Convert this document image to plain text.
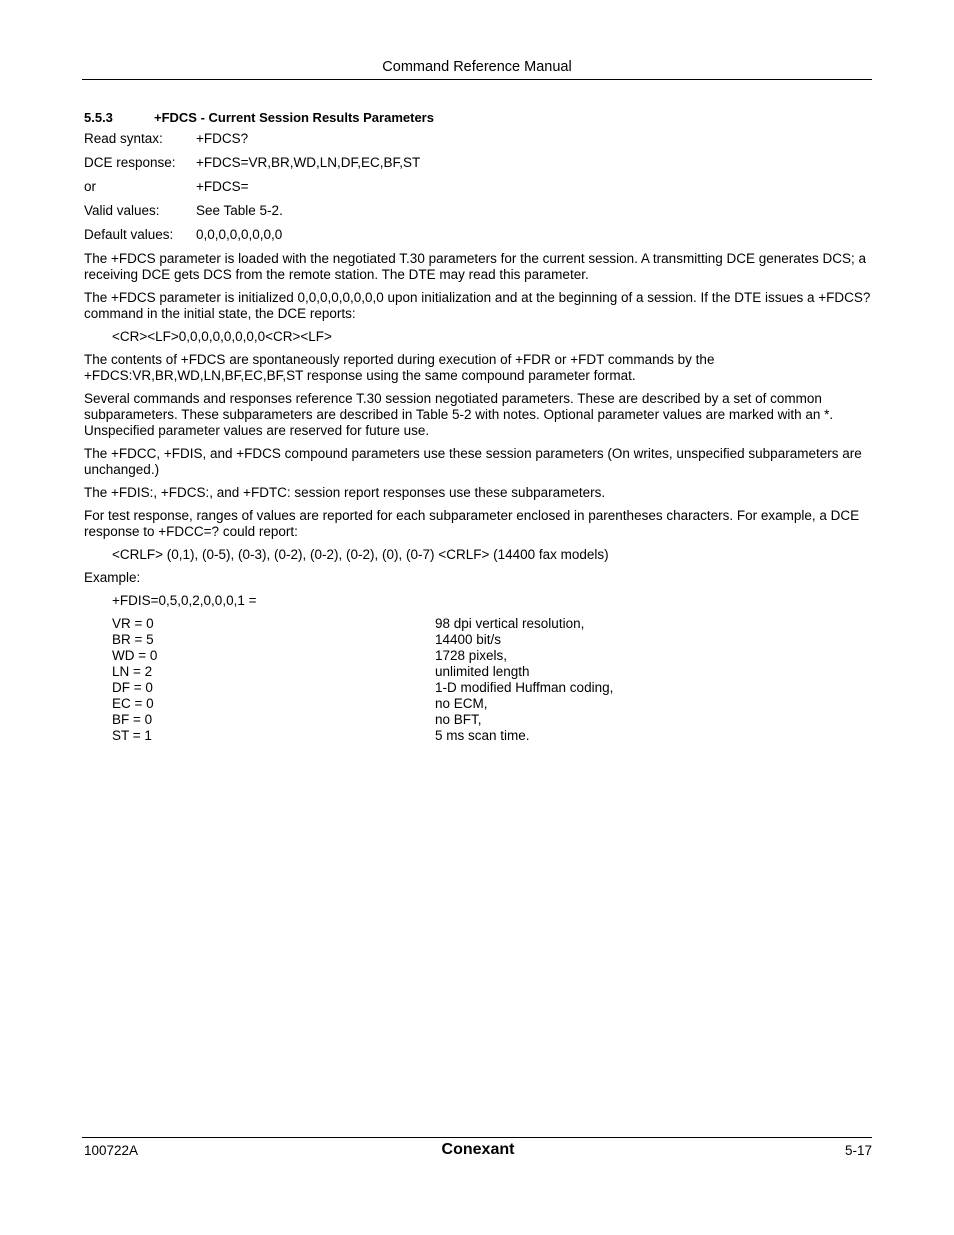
Command Reference Manual
5.5.3	+FDCS - Current Session Results Parameters
Read syntax: +FDCS?
DCE response: +FDCS=VR,BR,WD,LN,DF,EC,BF,ST
or	+FDCS=
Valid values:	See Table 5-2.
Default values: 0,0,0,0,0,0,0,0

The +FDCS parameter is loaded with the negotiated T.30 parameters for the current session. A transmitting DCE generates DCS; a receiving DCE gets DCS from the remote station. The DTE may read this parameter.

The +FDCS parameter is initialized 0,0,0,0,0,0,0,0 upon initialization and at the beginning of a session. If the DTE issues a +FDCS? command in the initial state, the DCE reports:

<CR><LF>0,0,0,0,0,0,0,0<CR><LF>

The contents of +FDCS are spontaneously reported during execution of +FDR or +FDT commands by the +FDCS:VR,BR,WD,LN,BF,EC,BF,ST response using the same compound parameter format.

Several commands and responses reference T.30 session negotiated parameters. These are described by a set of common subparameters. These subparameters are described in Table 5-2 with notes. Optional parameter values are marked with an *. Unspecified parameter values are reserved for future use.

The +FDCC, +FDIS, and +FDCS compound parameters use these session parameters (On writes, unspecified subparameters are unchanged.)

The +FDIS:, +FDCS:, and +FDTC: session report responses use these subparameters.

For test response, ranges of values are reported for each subparameter enclosed in parentheses characters. For example, a DCE response to +FDCC=? could report:

<CRLF> (0,1), (0-5), (0-3), (0-2), (0-2), (0-2), (0), (0-7) <CRLF> (14400 fax models)

Example:

+FDIS=0,5,0,2,0,0,0,1 =
VR = 0	98 dpi vertical resolution,
BR = 5	14400 bit/s
WD = 0	1728 pixels,
LN = 2	unlimited length
DF = 0	1-D modified Huffman coding,
EC = 0	no ECM,
BF = 0	no BFT,
ST = 1	5 ms scan time.
100722A	Conexant	5-17
